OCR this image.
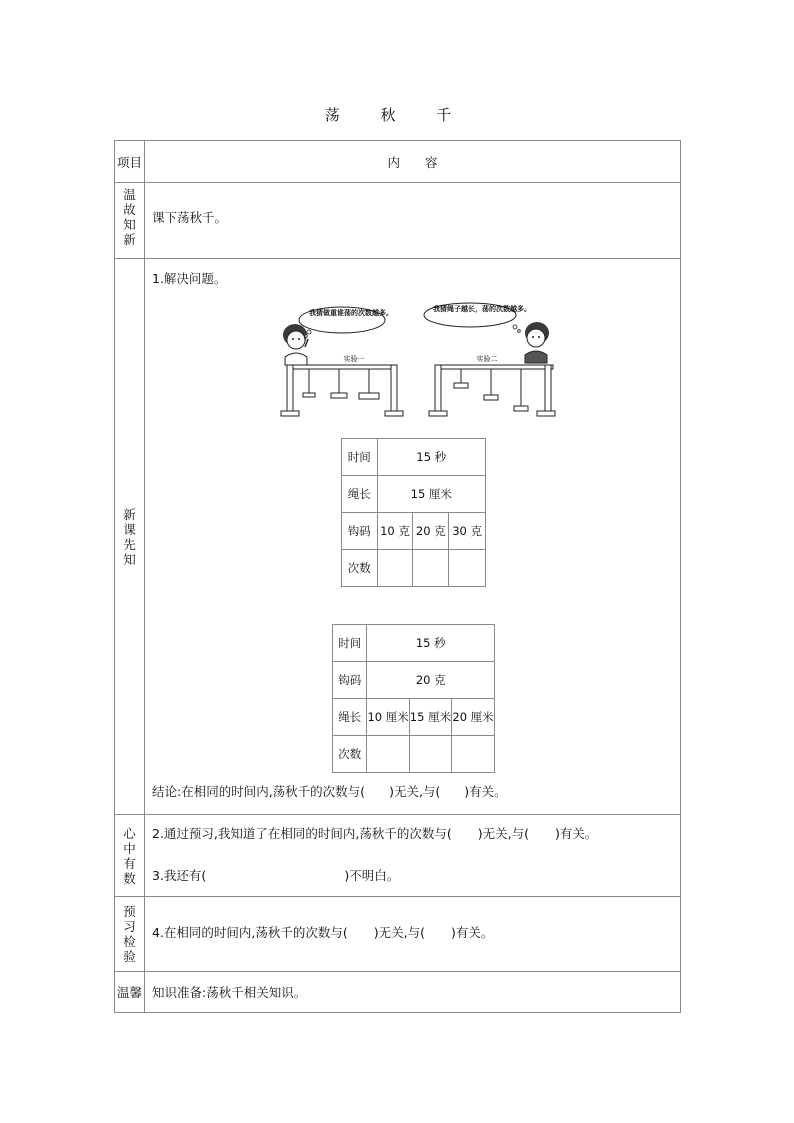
荡 秋 千
项目	内　　容

温故知新

课下荡秋千。

新课先知

1.解决问题。
我猜做重谁荡的次数越多。	我猜绳子越长，荡的次数越多。
实验一	实验二
时间	15 秒
绳长	15 厘米
钩码	10 克	20 克	30 克
次数			
时间	15 秒
钩码	20 克
绳长	10 厘米	15 厘米	20 厘米
次数			
结论:在相同的时间内,荡秋千的次数与( )无关,与( )有关。

心中有数

2.通过预习,我知道了在相同的时间内,荡秋千的次数与( )无关,与( )有关。
3.我还有(	)不明白。

预习检验

4.在相同的时间内,荡秋千的次数与( )无关,与( )有关。

温馨	知识准备:荡秋千相关知识。
